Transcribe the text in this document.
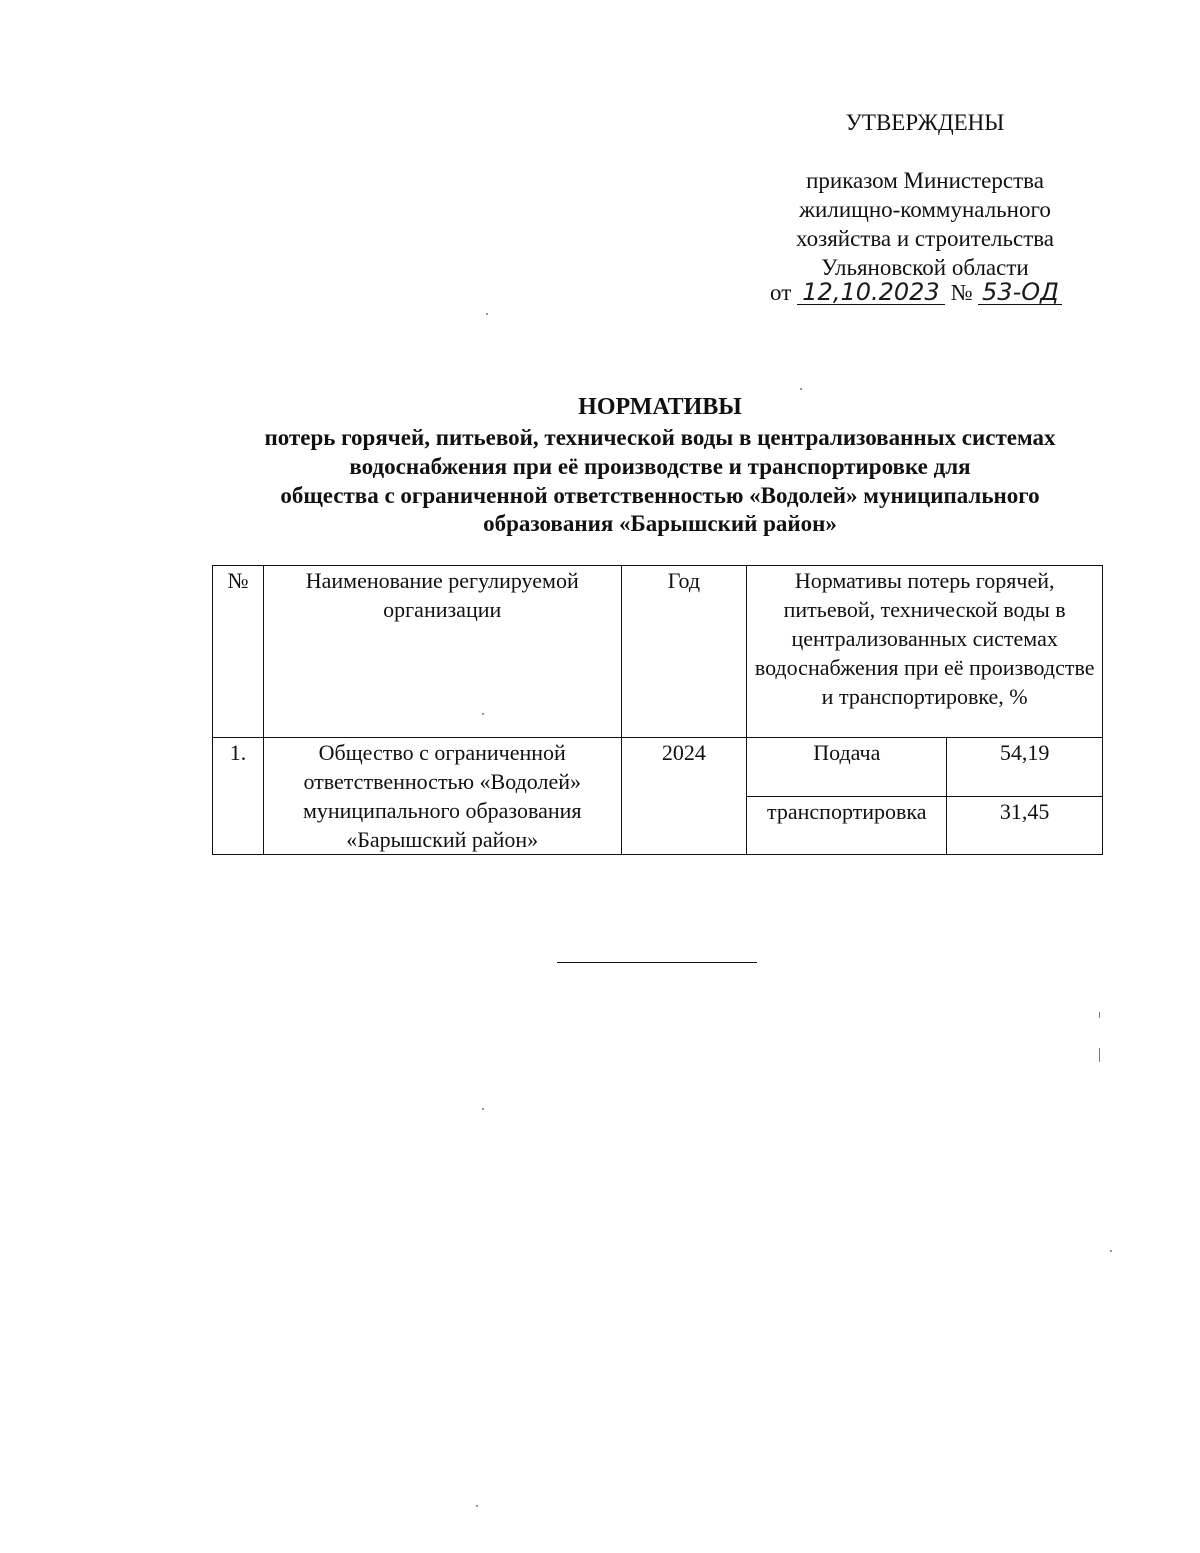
УТВЕРЖДЕНЫ
приказом Министерства
жилищно-коммунального
хозяйства и строительства
Ульяновской области
от 12,10.2023 № 53-ОД
НОРМАТИВЫ
потерь горячей, питьевой, технической воды в централизованных системах
водоснабжения при её производстве и транспортировке для
общества с ограниченной ответственностью «Водолей» муниципального
образования «Барышский район»
№	Наименование регулируемой организации	Год	Нормативы потерь горячей, питьевой, технической воды в централизованных системах водоснабжения при её производстве и транспортировке, %	
1.	Общество с ограниченной ответственностью «Водолей» муниципального образования «Барышский район»	2024	Подача	54,19
			транспортировка	31,45
